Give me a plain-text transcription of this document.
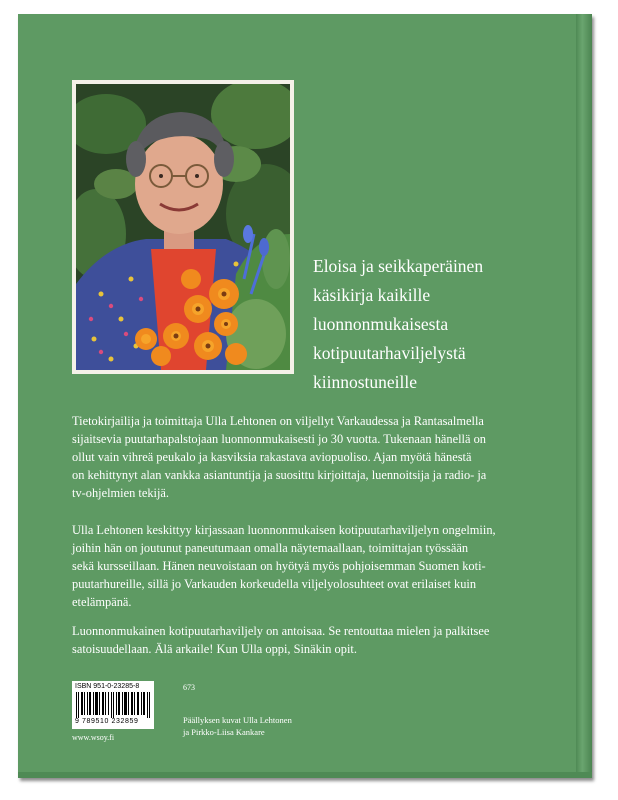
Eloisa ja seikkaperäinen
käsikirja kaikille
luonnonmukaisesta
kotipuutarhaviljelystä
kiinnostuneille
Tietokirjailija ja toimittaja Ulla Lehtonen on viljellyt Varkaudessa ja Rantasalmella
sijaitsevia puutarhapalstojaan luonnonmukaisesti jo 30 vuotta. Tukenaan hänellä on
ollut vain vihreä peukalo ja kasviksia rakastava aviopuoliso. Ajan myötä hänestä
on kehittynyt alan vankka asiantuntija ja suosittu kirjoittaja, luennoitsija ja radio- ja
tv-ohjelmien tekijä.
Ulla Lehtonen keskittyy kirjassaan luonnonmukaisen kotipuutarhaviljelyn ongelmiin,
joihin hän on joutunut paneutumaan omalla näytemaallaan, toimittajan työssään
sekä kursseillaan. Hänen neuvoistaan on hyötyä myös pohjoisemman Suomen koti-
puutarhureille, sillä jo Varkauden korkeudella viljelyolosuhteet ovat erilaiset kuin
etelämpänä.
Luonnonmukainen kotipuutarhaviljely on antoisaa. Se rentouttaa mielen ja palkitsee
satoisuudellaan. Älä arkaile! Kun Ulla oppi, Sinäkin opit.
ISBN 951-0-23285-8
9 789510 232859
673
Päällyksen kuvat Ulla Lehtonen
ja Pirkko-Liisa Kankare
www.wsoy.fi
